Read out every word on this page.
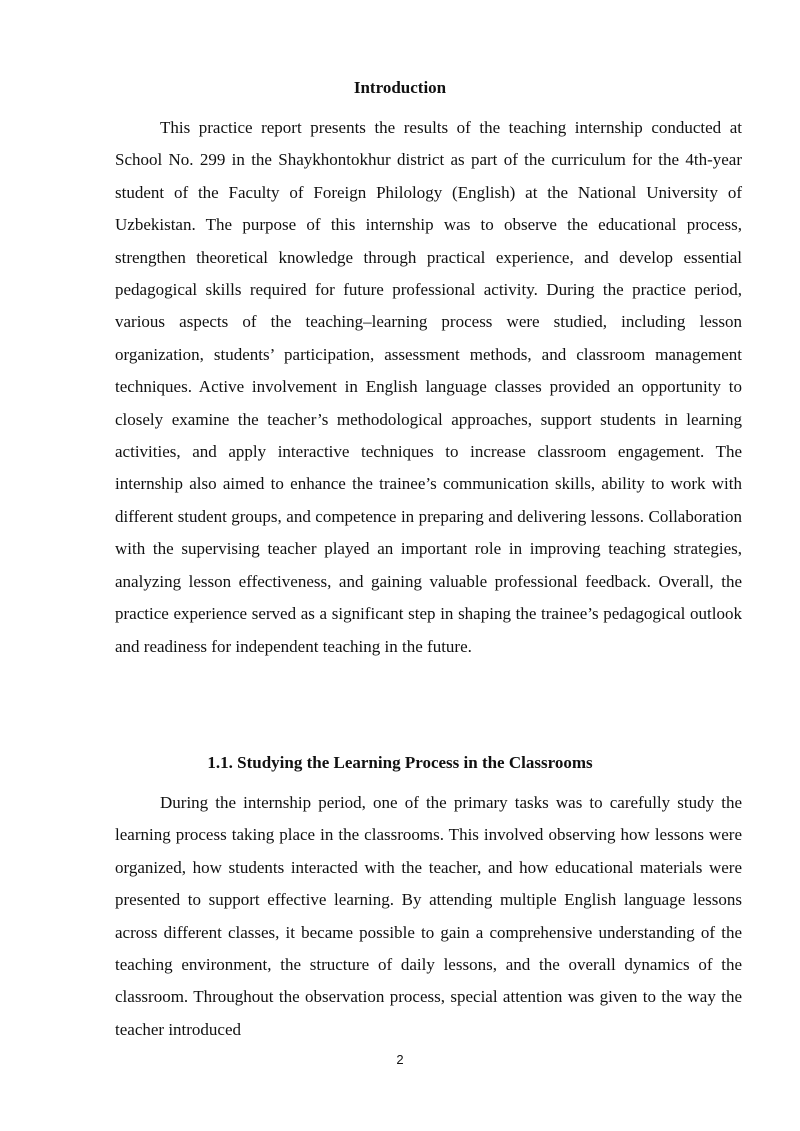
Introduction

This practice report presents the results of the teaching internship conducted at School No. 299 in the Shaykhontokhur district as part of the curriculum for the 4th-year student of the Faculty of Foreign Philology (English) at the National University of Uzbekistan. The purpose of this internship was to observe the educational process, strengthen theoretical knowledge through practical experience, and develop essential pedagogical skills required for future professional activity. During the practice period, various aspects of the teaching–learning process were studied, including lesson organization, students’ participation, assessment methods, and classroom management techniques. Active involvement in English language classes provided an opportunity to closely examine the teacher’s methodological approaches, support students in learning activities, and apply interactive techniques to increase classroom engagement. The internship also aimed to enhance the trainee’s communication skills, ability to work with different student groups, and competence in preparing and delivering lessons. Collaboration with the supervising teacher played an important role in improving teaching strategies, analyzing lesson effectiveness, and gaining valuable professional feedback. Overall, the practice experience served as a significant step in shaping the trainee’s pedagogical outlook and readiness for independent teaching in the future.

1.1. Studying the Learning Process in the Classrooms

During the internship period, one of the primary tasks was to carefully study the learning process taking place in the classrooms. This involved observing how lessons were organized, how students interacted with the teacher, and how educational materials were presented to support effective learning. By attending multiple English language lessons across different classes, it became possible to gain a comprehensive understanding of the teaching environment, the structure of daily lessons, and the overall dynamics of the classroom. Throughout the observation process, special attention was given to the way the teacher introduced

2
